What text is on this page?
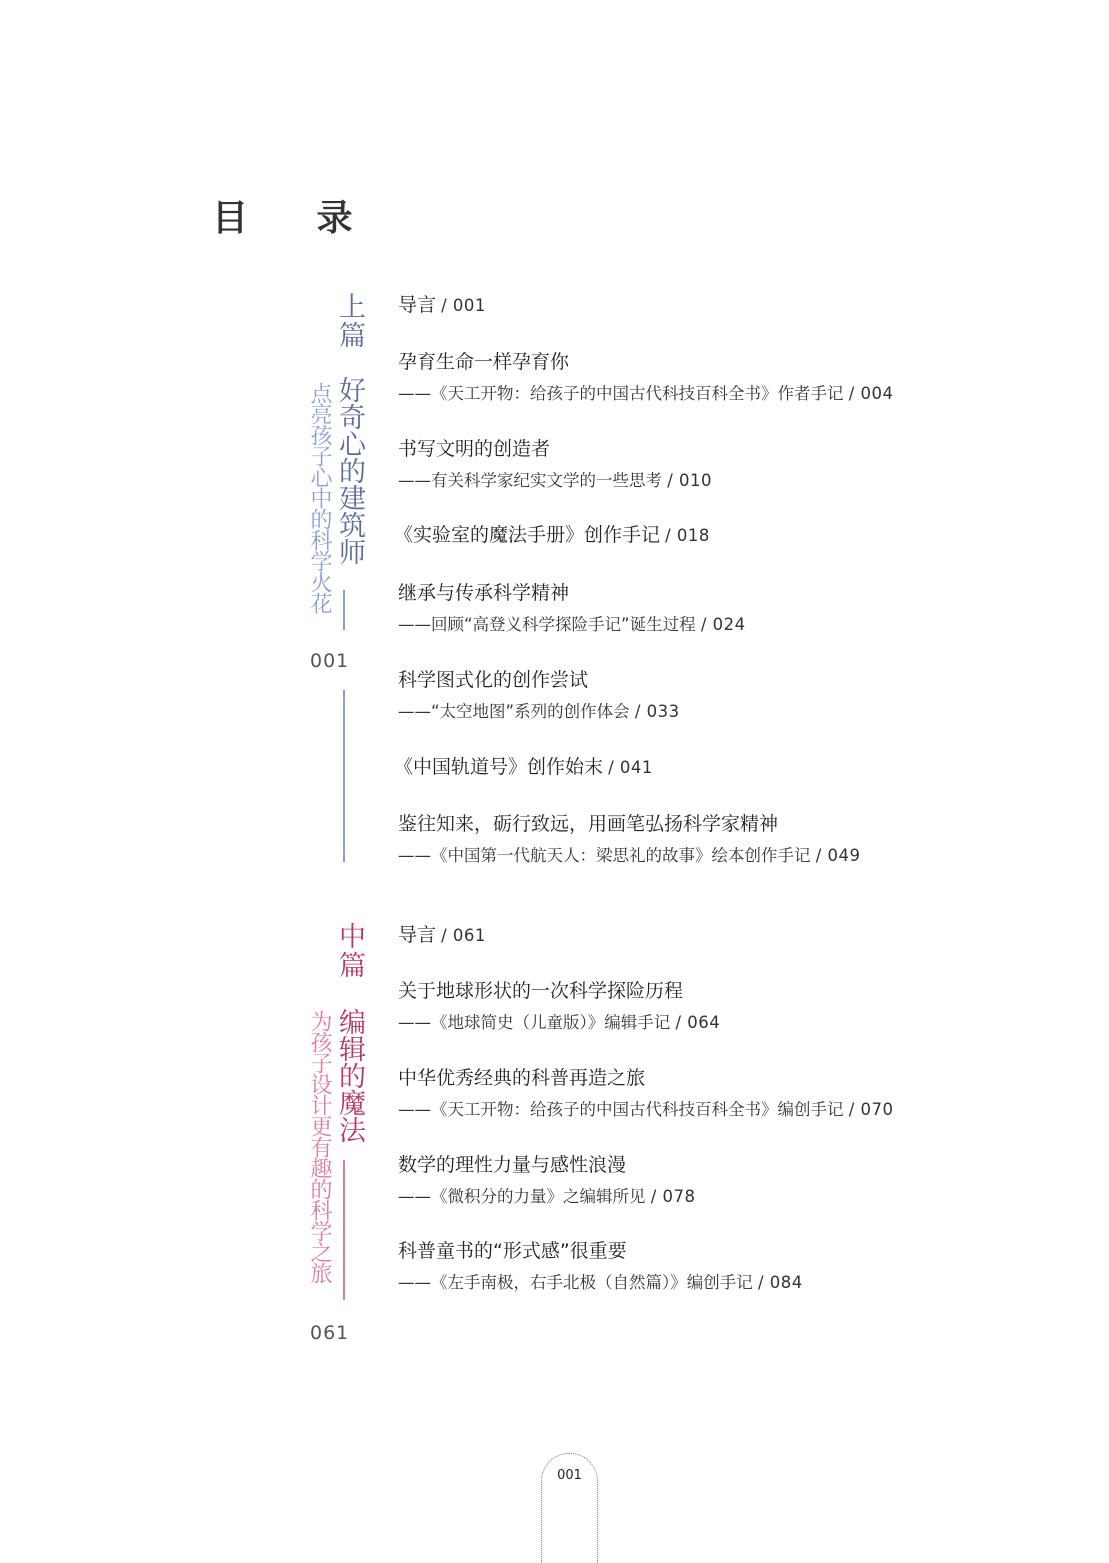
目 录
上篇
好奇心的建筑师
点亮孩子心中的科学火花
001
中篇
编辑的魔法
为孩子设计更有趣的科学之旅
061
导言 / 001
孕育生命一样孕育你
——《天工开物：给孩子的中国古代科技百科全书》作者手记 / 004
书写文明的创造者
——有关科学家纪实文学的一些思考 / 010
《实验室的魔法手册》创作手记 / 018
继承与传承科学精神
——回顾“高登义科学探险手记”诞生过程 / 024
科学图式化的创作尝试
——“太空地图”系列的创作体会 / 033
《中国轨道号》创作始末 / 041
鉴往知来，砺行致远，用画笔弘扬科学家精神
——《中国第一代航天人：梁思礼的故事》绘本创作手记 / 049
导言 / 061
关于地球形状的一次科学探险历程
——《地球简史（儿童版）》编辑手记 / 064
中华优秀经典的科普再造之旅
——《天工开物：给孩子的中国古代科技百科全书》编创手记 / 070
数学的理性力量与感性浪漫
——《微积分的力量》之编辑所见 / 078
科普童书的“形式感”很重要
——《左手南极，右手北极（自然篇）》编创手记 / 084
001
